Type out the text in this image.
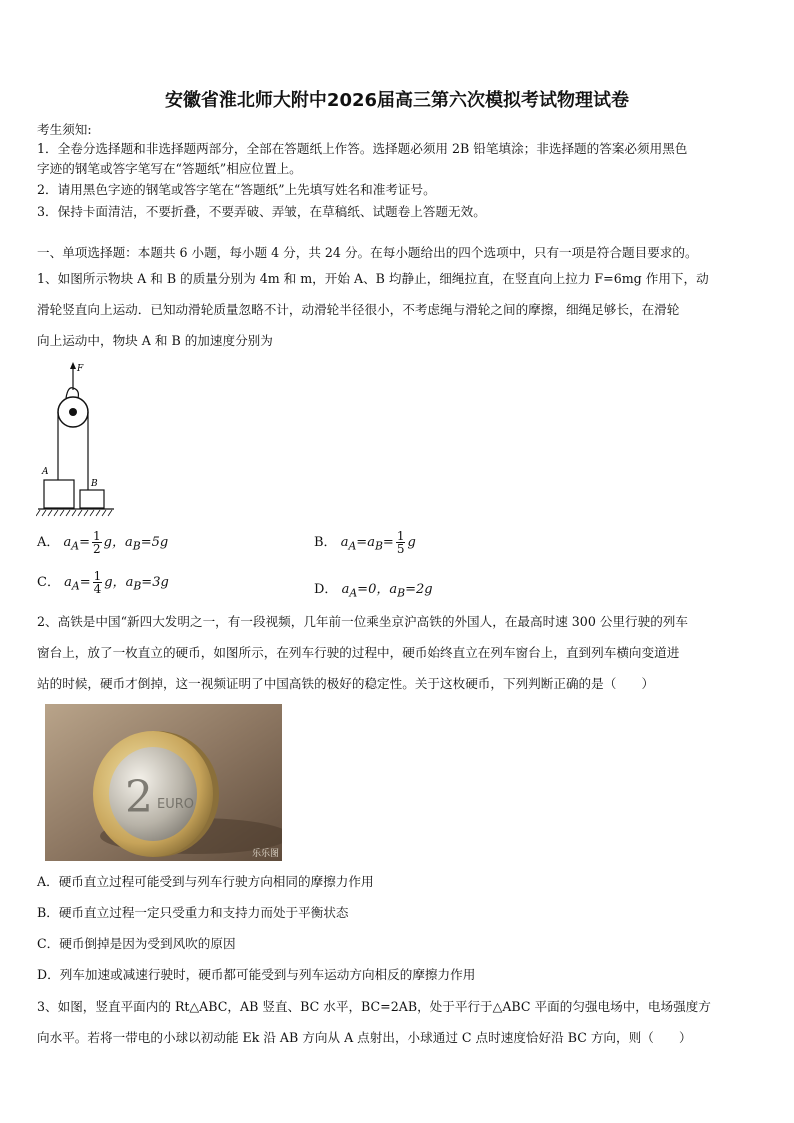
安徽省淮北师大附中2026届高三第六次模拟考试物理试卷
考生须知:
1．全卷分选择题和非选择题两部分，全部在答题纸上作答。选择题必须用 2B 铅笔填涂；非选择题的答案必须用黑色
字迹的钢笔或答字笔写在“答题纸”相应位置上。
2．请用黑色字迹的钢笔或答字笔在“答题纸”上先填写姓名和准考证号。
3．保持卡面清洁，不要折叠，不要弄破、弄皱，在草稿纸、试题卷上答题无效。
一、单项选择题：本题共 6 小题，每小题 4 分，共 24 分。在每小题给出的四个选项中，只有一项是符合题目要求的。
1、如图所示物块 A 和 B 的质量分别为 4m 和 m，开始 A、B 均静止，细绳拉直，在竖直向上拉力 F=6mg 作用下，动
滑轮竖直向上运动．已知动滑轮质量忽略不计，动滑轮半径很小，不考虑绳与滑轮之间的摩擦，细绳足够长，在滑轮
向上运动中，物块 A 和 B 的加速度分别为
F
A
B
A． $a_A= \frac{1}{2}$ g，$a_B=5g$	B． $a_A=a_B= \frac{1}{5}$ g
C． $a_A= \frac{1}{4}$ g，$a_B=3g$	D． $a_A=0$，$a_B=2g$
2、高铁是中国“新四大发明之一，有一段视频，几年前一位乘坐京沪高铁的外国人，在最高时速 300 公里行驶的列车
窗台上，放了一枚直立的硬币，如图所示，在列车行驶的过程中，硬币始终直立在列车窗台上，直到列车横向变道进
站的时候，硬币才倒掉，这一视频证明了中国高铁的极好的稳定性。关于这枚硬币，下列判断正确的是（　　）
2 EURO
乐乐图
A．硬币直立过程可能受到与列车行驶方向相同的摩擦力作用
B．硬币直立过程一定只受重力和支持力而处于平衡状态
C．硬币倒掉是因为受到风吹的原因
D．列车加速或减速行驶时，硬币都可能受到与列车运动方向相反的摩擦力作用
3、如图，竖直平面内的 Rt△ABC，AB 竖直、BC 水平，BC=2AB，处于平行于△ABC 平面的匀强电场中，电场强度方
向水平。若将一带电的小球以初动能 Ek 沿 AB 方向从 A 点射出，小球通过 C 点时速度恰好沿 BC 方向，则（　　）
